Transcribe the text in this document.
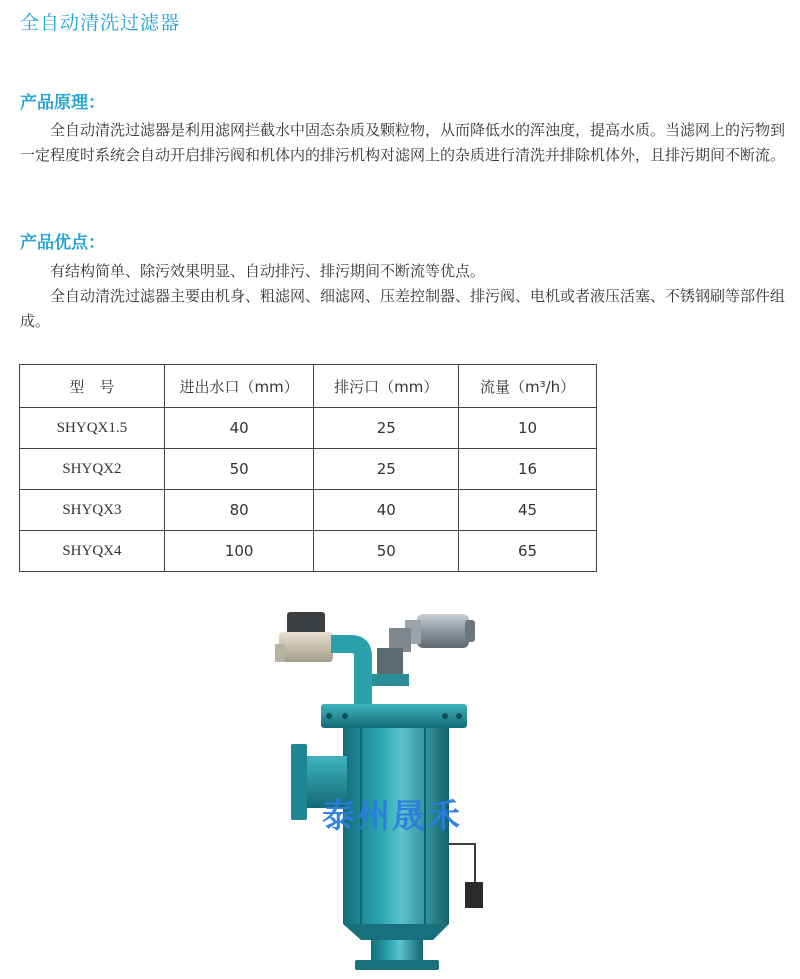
全自动清洗过滤器
产品原理：

全自动清洗过滤器是利用滤网拦截水中固态杂质及颗粒物，从而降低水的浑浊度，提高水质。当滤网上的污物到一定程度时系统会自动开启排污阀和机体内的排污机构对滤网上的杂质进行清洗并排除机体外，且排污期间不断流。

产品优点：

有结构简单、除污效果明显、自动排污、排污期间不断流等优点。

全自动清洗过滤器主要由机身、粗滤网、细滤网、压差控制器、排污阀、电机或者液压活塞、不锈钢刷等部件组成。

型　号	进出水口（mm）	排污口（mm）	流量（m³/h）
SHYQX1.5	40	25	10
SHYQX2	50	25	16
SHYQX3	80	40	45
SHYQX4	100	50	65
泰州晟禾
